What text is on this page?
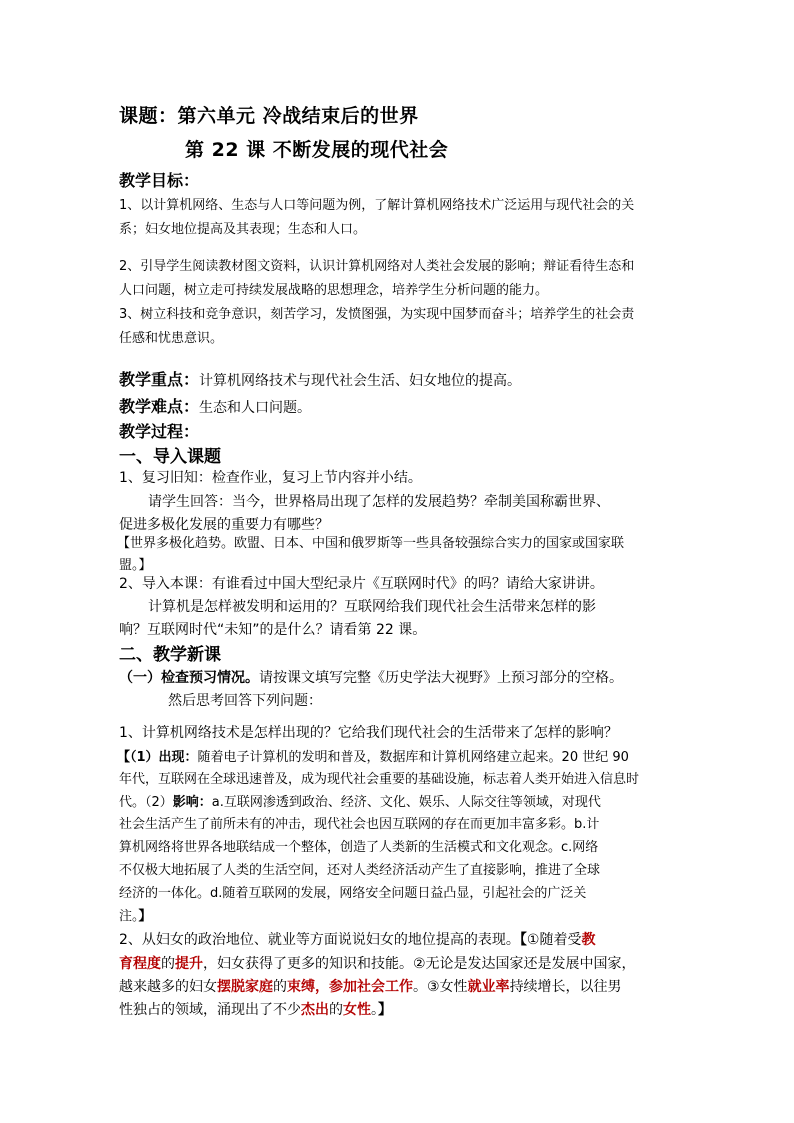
课题：第六单元 冷战结束后的世界
第 22 课 不断发展的现代社会
教学目标：
1、以计算机网络、生态与人口等问题为例，了解计算机网络技术广泛运用与现代社会的关
系；妇女地位提高及其表现；生态和人口。
2、引导学生阅读教材图文资料，认识计算机网络对人类社会发展的影响；辩证看待生态和
人口问题，树立走可持续发展战略的思想理念，培养学生分析问题的能力。
3、树立科技和竞争意识，刻苦学习，发愤图强，为实现中国梦而奋斗；培养学生的社会责
任感和忧患意识。
教学重点：计算机网络技术与现代社会生活、妇女地位的提高。
教学难点：生态和人口问题。
教学过程：
一、导入课题
1、复习旧知：检查作业，复习上节内容并小结。
请学生回答：当今，世界格局出现了怎样的发展趋势？牵制美国称霸世界、
促进多极化发展的重要力有哪些？
【世界多极化趋势。欧盟、日本、中国和俄罗斯等一些具备较强综合实力的国家或国家联
盟。】
2、导入本课：有谁看过中国大型纪录片《互联网时代》的吗？请给大家讲讲。
计算机是怎样被发明和运用的？互联网给我们现代社会生活带来怎样的影
响？互联网时代“未知”的是什么？请看第 22 课。
二、教学新课
（一）检查预习情况。请按课文填写完整《历史学法大视野》上预习部分的空格。
然后思考回答下列问题：
1、计算机网络技术是怎样出现的？它给我们现代社会的生活带来了怎样的影响？
【（1）出现：随着电子计算机的发明和普及，数据库和计算机网络建立起来。20 世纪 90
年代，互联网在全球迅速普及，成为现代社会重要的基础设施，标志着人类开始进入信息时
代。（2）影响：a.互联网渗透到政治、经济、文化、娱乐、人际交往等领域，对现代
社会生活产生了前所未有的冲击，现代社会也因互联网的存在而更加丰富多彩。b.计
算机网络将世界各地联结成一个整体，创造了人类新的生活模式和文化观念。c.网络
不仅极大地拓展了人类的生活空间，还对人类经济活动产生了直接影响，推进了全球
经济的一体化。d.随着互联网的发展，网络安全问题日益凸显，引起社会的广泛关
注。】
2、从妇女的政治地位、就业等方面说说妇女的地位提高的表现。【①随着受教
育程度的提升，妇女获得了更多的知识和技能。②无论是发达国家还是发展中国家，
越来越多的妇女摆脱家庭的束缚，参加社会工作。③女性就业率持续增长，以往男
性独占的领域，涌现出了不少杰出的女性。】
